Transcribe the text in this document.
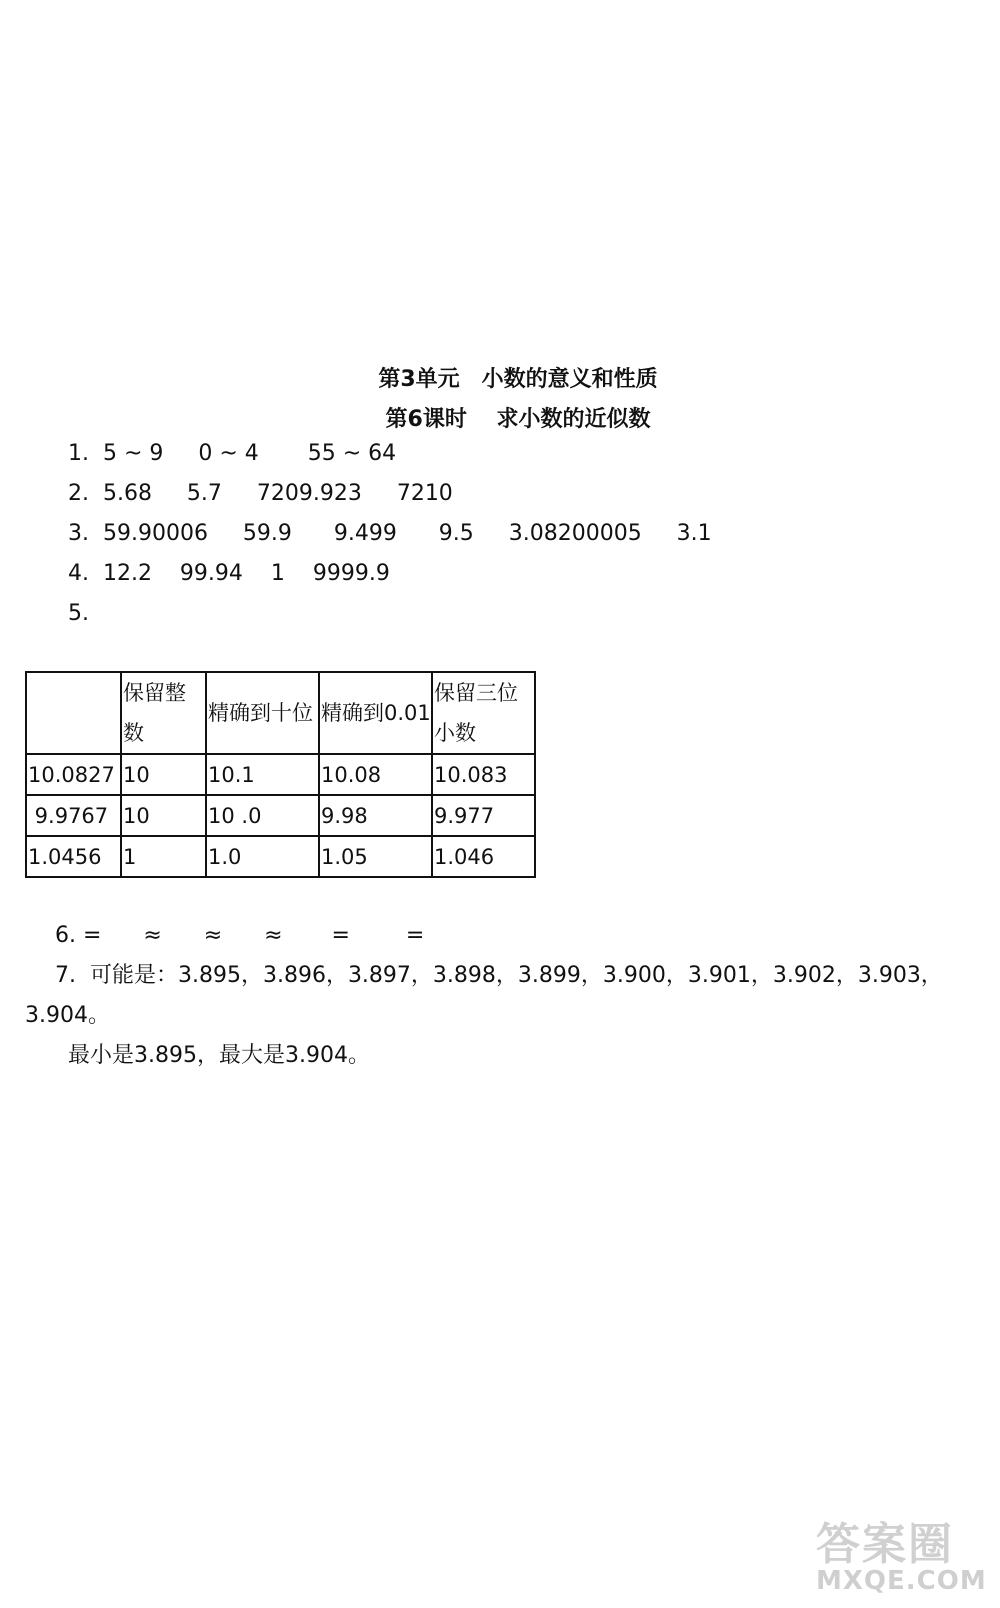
第3单元　小数的意义和性质
第6课时　 求小数的近似数
1.  5 ~ 9     0 ~ 4       55 ~ 64
2.  5.68     5.7     7209.923     7210
3.  59.90006     59.9      9.499      9.5     3.08200005     3.1
4.  12.2    99.94    1    9999.9
5.
	保留整数	精确到十位	精确到0.01	保留三位小数
10.0827	10	10.1	10.08	10.083
9.9767	10	10 .0	9.98	9.977
1.0456	1	1.0	1.05	1.046
6. =      ≈      ≈      ≈       =        =
7.  可能是：3.895，3.896，3.897，3.898，3.899，3.900，3.901，3.902，3.903，
3.904。
最小是3.895，最大是3.904。
答案圈
MXQE.COM
